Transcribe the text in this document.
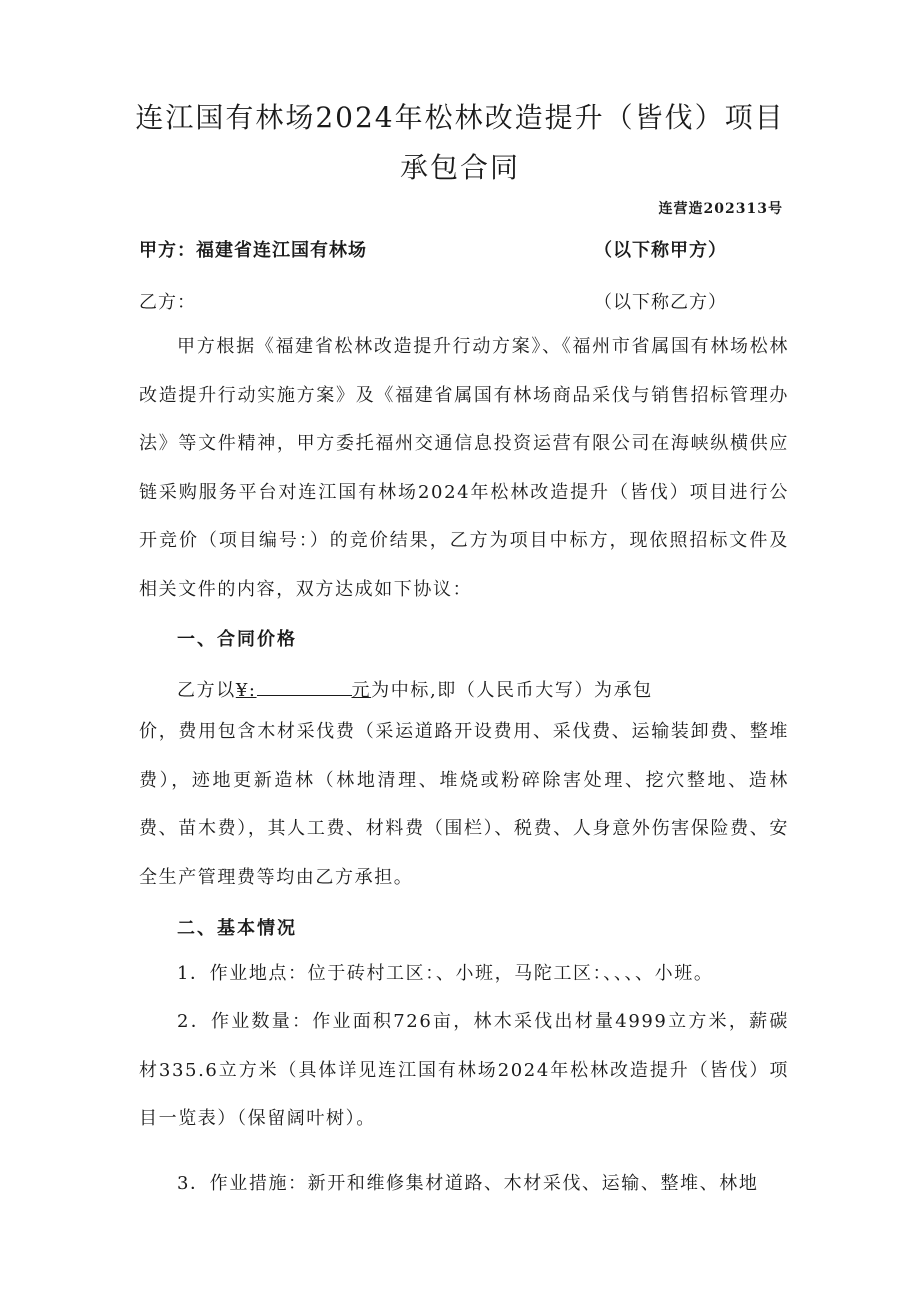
连江国有林场2024年松林改造提升（皆伐）项目
承包合同
连营造202313号
甲方：福建省连江国有林场	（以下称甲方）
乙方：	（以下称乙方）

甲方根据《福建省松林改造提升行动方案》、《福州市省属国有林场松林改造提升行动实施方案》及《福建省属国有林场商品采伐与销售招标管理办法》等文件精神，甲方委托福州交通信息投资运营有限公司在海峡纵横供应链采购服务平台对连江国有林场2024年松林改造提升（皆伐）项目进行公开竞价（项目编号：）的竞价结果，乙方为项目中标方，现依照招标文件及相关文件的内容，双方达成如下协议：

一、合同价格
乙方以¥:	元为中标,即（人民币大写）为承包

价，费用包含木材采伐费（采运道路开设费用、采伐费、运输装卸费、整堆费），迹地更新造林（林地清理、堆烧或粉碎除害处理、挖穴整地、造林费、苗木费），其人工费、材料费（围栏）、税费、人身意外伤害保险费、安全生产管理费等均由乙方承担。

二、基本情况

1．作业地点：位于砖村工区：、小班，马陀工区：、、、、小班。

2．作业数量：作业面积726亩，林木采伐出材量4999立方米，薪碳材335.6立方米（具体详见连江国有林场2024年松林改造提升（皆伐）项目一览表）（保留阔叶树）。

3．作业措施：新开和维修集材道路、木材采伐、运输、整堆、林地
